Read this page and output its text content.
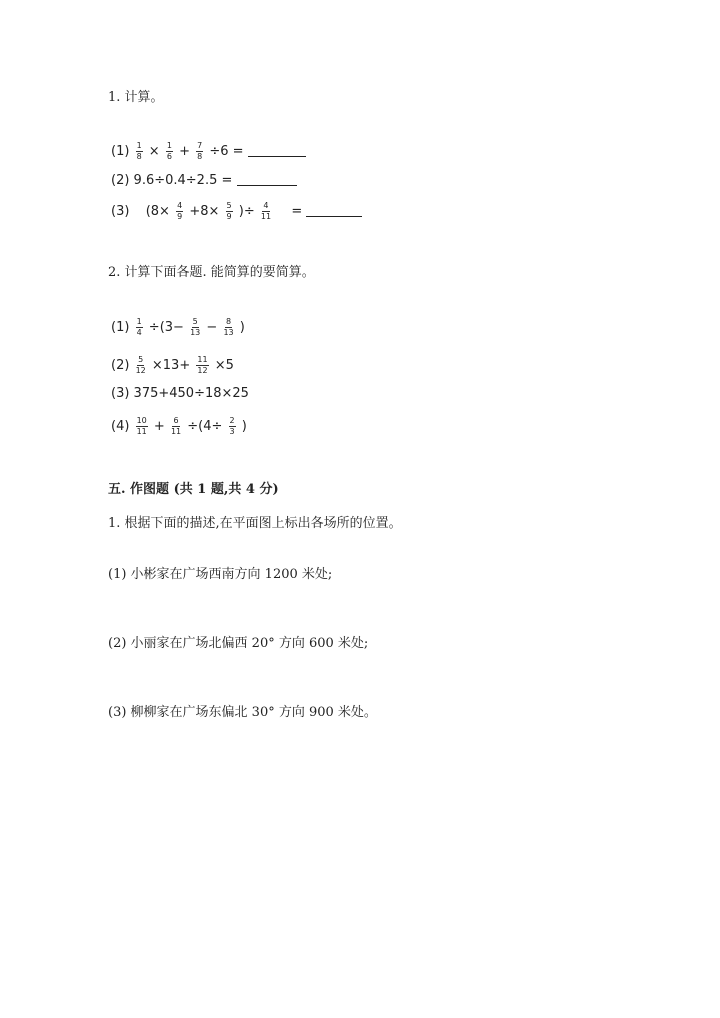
1. 计算。
$(1) \frac{1}{8} \times \frac{1}{6} + \frac{7}{8} \div 6$ =
(2) 9.6÷0.4÷2.5 =
(3) ($8\times \frac{4}{9} +8\times \frac{5}{9}$ )÷ $\frac{4}{11}$ =
2. 计算下面各题. 能简算的要简算。
$(1) \frac{1}{4} \div(3- \frac{5}{13} - \frac{8}{13}$ )
$(2) \frac{5}{12} \times 13+ \frac{11}{12} \times 5$
(3) 375+450÷18×25
$(4) \frac{10}{11} + \frac{6}{11} \div(4\div \frac{2}{3}$ )
五. 作图题 (共 1 题,共 4 分)
1. 根据下面的描述,在平面图上标出各场所的位置。
(1) 小彬家在广场西南方向 1200 米处;
(2) 小丽家在广场北偏西 20° 方向 600 米处;
(3) 柳柳家在广场东偏北 30° 方向 900 米处。
